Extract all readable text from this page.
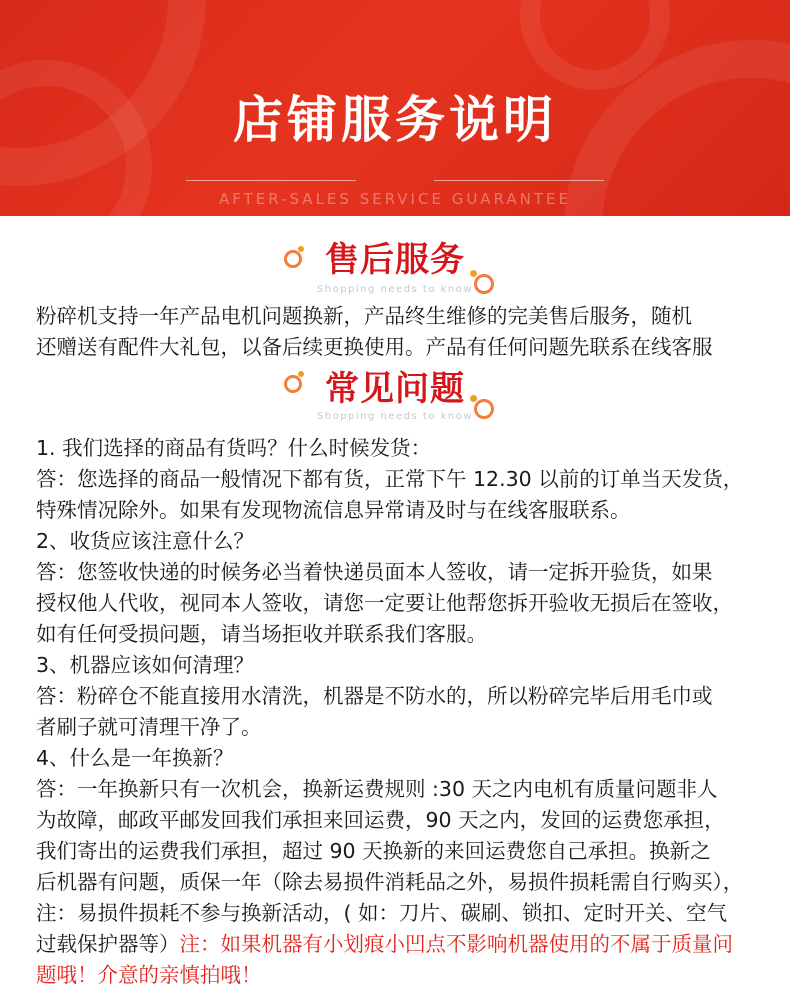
店铺服务说明
AFTER-SALES SERVICE GUARANTEE
售后服务
Shopping needs to know

粉碎机支持一年产品电机问题换新，产品终生维修的完美售后服务，随机

还赠送有配件大礼包，以备后续更换使用。产品有任何问题先联系在线客服

常见问题
Shopping needs to know

1. 我们选择的商品有货吗？什么时候发货：

答：您选择的商品一般情况下都有货，正常下午 12.30 以前的订单当天发货，

特殊情况除外。如果有发现物流信息异常请及时与在线客服联系。

2、收货应该注意什么？

答：您签收快递的时候务必当着快递员面本人签收，请一定拆开验货，如果

授权他人代收，视同本人签收，请您一定要让他帮您拆开验收无损后在签收，

如有任何受损问题，请当场拒收并联系我们客服。

3、机器应该如何清理？

答：粉碎仓不能直接用水清洗，机器是不防水的，所以粉碎完毕后用毛巾或

者刷子就可清理干净了。

4、什么是一年换新？

答：一年换新只有一次机会，换新运费规则 :30 天之内电机有质量问题非人

为故障，邮政平邮发回我们承担来回运费，90 天之内，发回的运费您承担，

我们寄出的运费我们承担，超过 90 天换新的来回运费您自己承担。换新之

后机器有问题，质保一年（除去易损件消耗品之外，易损件损耗需自行购买），

注：易损件损耗不参与换新活动，( 如：刀片、碳刷、锁扣、定时开关、空气

过载保护器等）注：如果机器有小划痕小凹点不影响机器使用的不属于质量问

题哦！介意的亲慎拍哦！
